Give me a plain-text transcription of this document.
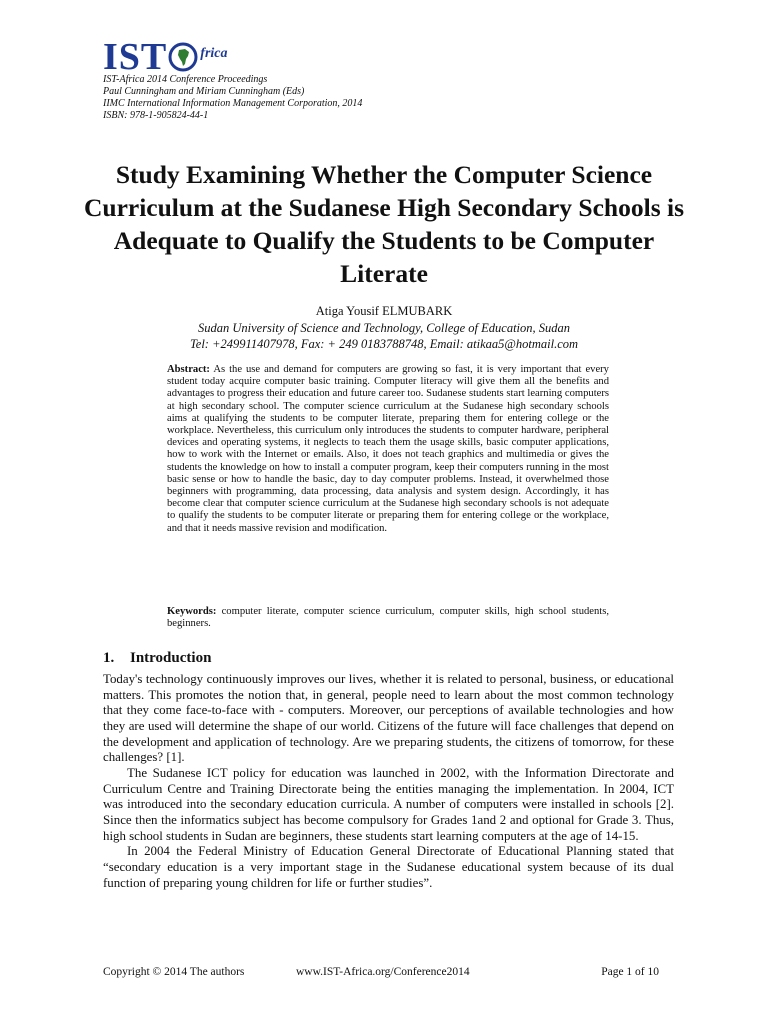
IST frica
IST-Africa 2014 Conference Proceedings
Paul Cunningham and Miriam Cunningham (Eds)
IIMC International Information Management Corporation, 2014
ISBN: 978-1-905824-44-1
Study Examining Whether the Computer Science Curriculum at the Sudanese High Secondary Schools is Adequate to Qualify the Students to be Computer Literate
Atiga Yousif ELMUBARK
Sudan University of Science and Technology, College of Education, Sudan
Tel: +249911407978, Fax: + 249 0183788748, Email: atikaa5@hotmail.com
Abstract: As the use and demand for computers are growing so fast, it is very important that every student today acquire computer basic training. Computer literacy will give them all the benefits and advantages to progress their education and future career too. Sudanese students start learning computers at high secondary school. The computer science curriculum at the Sudanese high secondary schools aims at qualifying the students to be computer literate, preparing them for entering college or the workplace. Nevertheless, this curriculum only introduces the students to computer hardware, peripheral devices and operating systems, it neglects to teach them the usage skills, basic computer applications, how to work with the Internet or emails. Also, it does not teach graphics and multimedia or gives the students the knowledge on how to install a computer program, keep their computers running in the most basic sense or how to handle the basic, day to day computer problems. Instead, it overwhelmed those beginners with programming, data processing, data analysis and system design. Accordingly, it has become clear that computer science curriculum at the Sudanese high secondary schools is not adequate to qualify the students to be computer literate or preparing them for entering college or the workplace, and that it needs massive revision and modification.
Keywords: computer literate, computer science curriculum, computer skills, high school students, beginners.
1. Introduction

Today's technology continuously improves our lives, whether it is related to personal, business, or educational matters. This promotes the notion that, in general, people need to learn about the most common technology that they come face-to-face with - computers. Moreover, our perceptions of available technologies and how they are used will determine the shape of our world. Citizens of the future will face challenges that depend on the development and application of technology. Are we preparing students, the citizens of tomorrow, for these challenges? [1].

The Sudanese ICT policy for education was launched in 2002, with the Information Directorate and Curriculum Centre and Training Directorate being the entities managing the implementation. In 2004, ICT was introduced into the secondary education curricula. A number of computers were installed in schools [2]. Since then the informatics subject has become compulsory for Grades 1and 2 and optional for Grade 3. Thus, high school students in Sudan are beginners, these students start learning computers at the age of 14-15.

In 2004 the Federal Ministry of Education General Directorate of Educational Planning stated that “secondary education is a very important stage in the Sudanese educational system because of its dual function of preparing young children for life or further studies”.

Copyright © 2014 The authors	www.IST-Africa.org/Conference2014	Page 1 of 10
